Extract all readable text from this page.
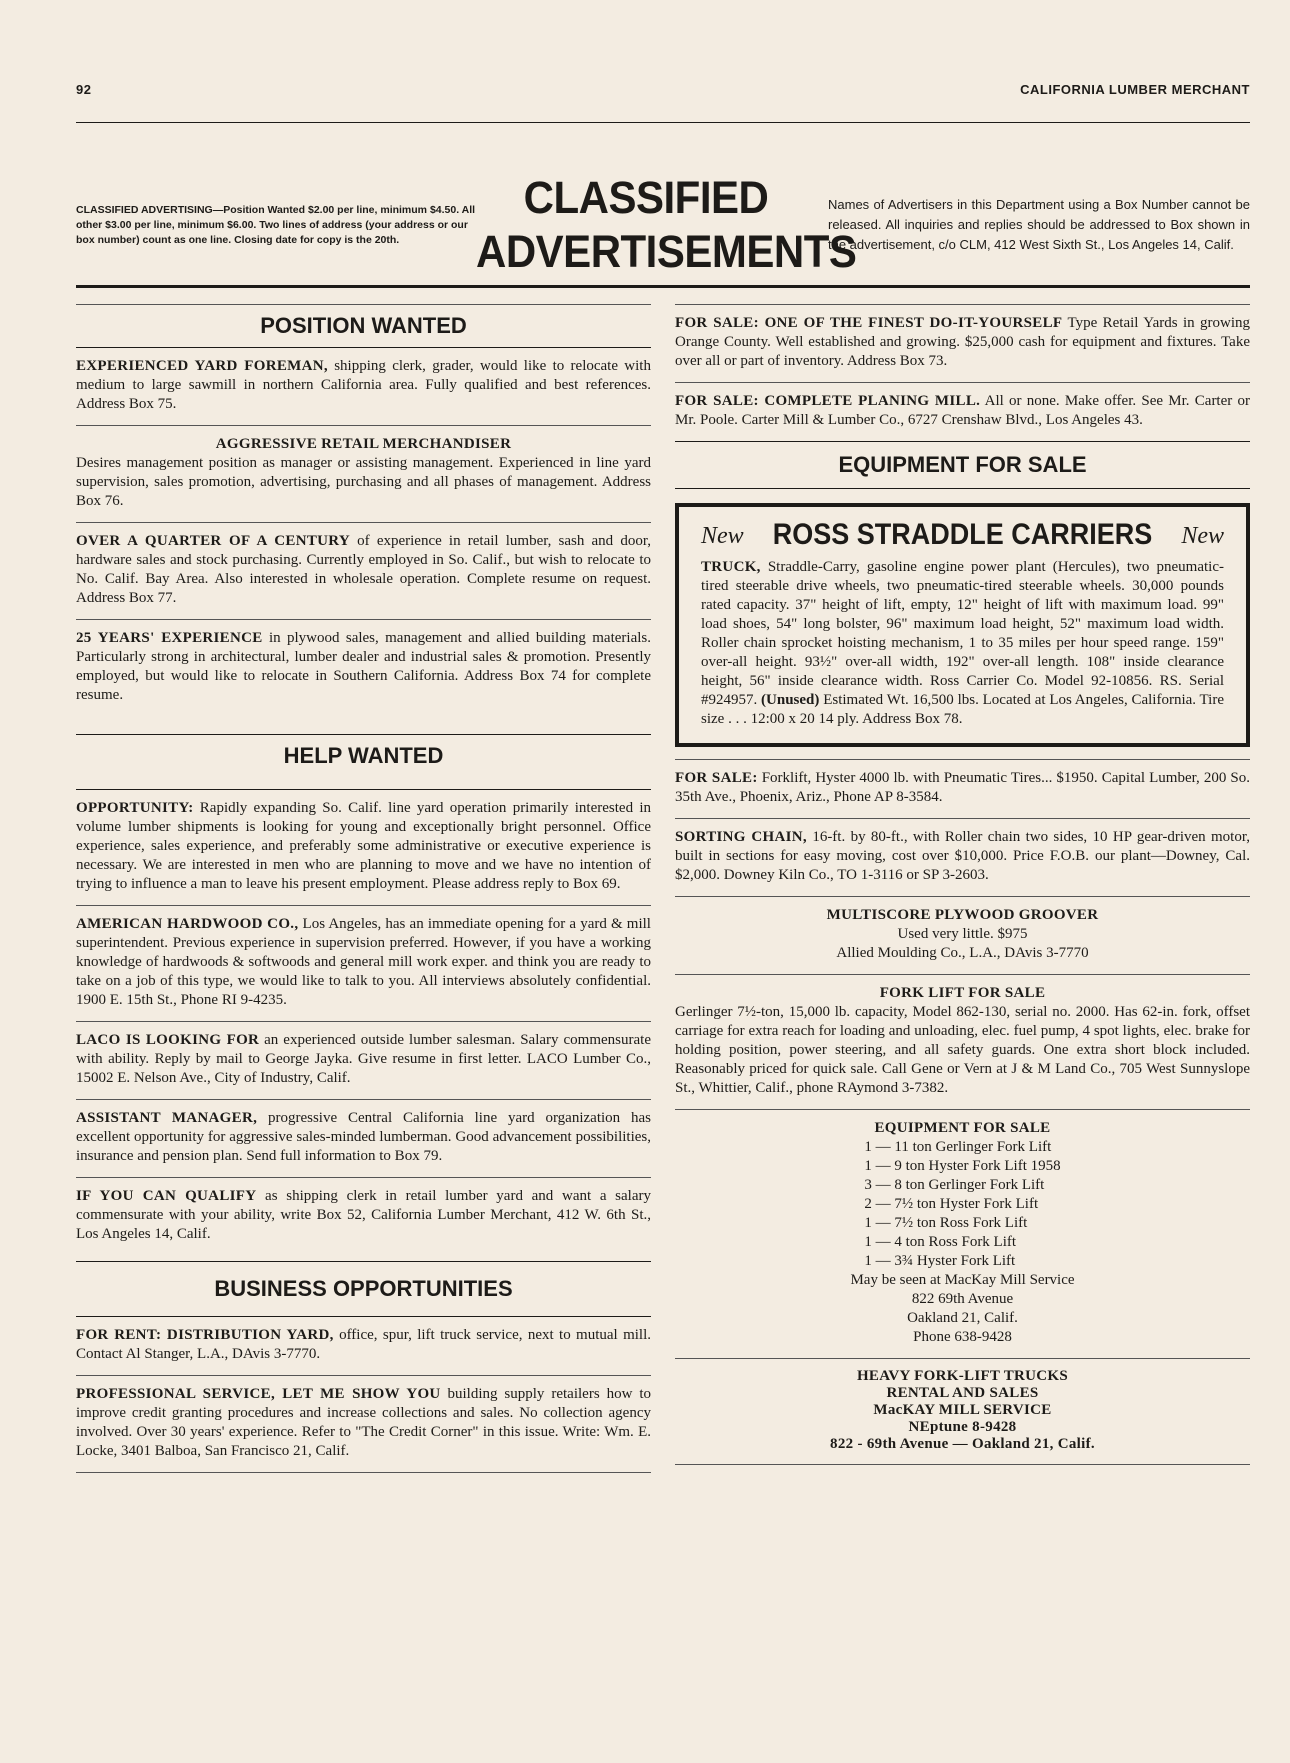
92	CALIFORNIA LUMBER MERCHANT
CLASSIFIED ADVERTISING—Position Wanted $2.00 per line, minimum $4.50. All other $3.00 per line, minimum $6.00. Two lines of address (your address or our box number) count as one line. Closing date for copy is the 20th.
CLASSIFIED
ADVERTISEMENTS
Names of Advertisers in this Department using a Box Number cannot be released. All inquiries and replies should be addressed to Box shown in the advertisement, c/o CLM, 412 West Sixth St., Los Angeles 14, Calif.
POSITION WANTED
EXPERIENCED YARD FOREMAN, shipping clerk, grader, would like to relocate with medium to large sawmill in northern California area. Fully qualified and best references. Address Box 75.
AGGRESSIVE RETAIL MERCHANDISER
Desires management position as manager or assisting management. Experienced in line yard supervision, sales promotion, advertising, purchasing and all phases of management. Address Box 76.
OVER A QUARTER OF A CENTURY of experience in retail lumber, sash and door, hardware sales and stock purchasing. Currently employed in So. Calif., but wish to relocate to No. Calif. Bay Area. Also interested in wholesale operation. Complete resume on request. Address Box 77.
25 YEARS' EXPERIENCE in plywood sales, management and allied building materials. Particularly strong in architectural, lumber dealer and industrial sales & promotion. Presently employed, but would like to relocate in Southern California. Address Box 74 for complete resume.
HELP WANTED
OPPORTUNITY: Rapidly expanding So. Calif. line yard operation primarily interested in volume lumber shipments is looking for young and exceptionally bright personnel. Office experience, sales experience, and preferably some administrative or executive experience is necessary. We are interested in men who are planning to move and we have no intention of trying to influence a man to leave his present employment. Please address reply to Box 69.
AMERICAN HARDWOOD CO., Los Angeles, has an immediate opening for a yard & mill superintendent. Previous experience in supervision preferred. However, if you have a working knowledge of hardwoods & softwoods and general mill work exper. and think you are ready to take on a job of this type, we would like to talk to you. All interviews absolutely confidential. 1900 E. 15th St., Phone RI 9-4235.
LACO IS LOOKING FOR an experienced outside lumber salesman. Salary commensurate with ability. Reply by mail to George Jayka. Give resume in first letter. LACO Lumber Co., 15002 E. Nelson Ave., City of Industry, Calif.
ASSISTANT MANAGER, progressive Central California line yard organization has excellent opportunity for aggressive sales-minded lumberman. Good advancement possibilities, insurance and pension plan. Send full information to Box 79.
IF YOU CAN QUALIFY as shipping clerk in retail lumber yard and want a salary commensurate with your ability, write Box 52, California Lumber Merchant, 412 W. 6th St., Los Angeles 14, Calif.
BUSINESS OPPORTUNITIES
FOR RENT: DISTRIBUTION YARD, office, spur, lift truck service, next to mutual mill. Contact Al Stanger, L.A., DAvis 3-7770.
PROFESSIONAL SERVICE, LET ME SHOW YOU building supply retailers how to improve credit granting procedures and increase collections and sales. No collection agency involved. Over 30 years' experience. Refer to "The Credit Corner" in this issue. Write: Wm. E. Locke, 3401 Balboa, San Francisco 21, Calif.
FOR SALE: ONE OF THE FINEST DO-IT-YOURSELF Type Retail Yards in growing Orange County. Well established and growing. $25,000 cash for equipment and fixtures. Take over all or part of inventory. Address Box 73.
FOR SALE: COMPLETE PLANING MILL. All or none. Make offer. See Mr. Carter or Mr. Poole. Carter Mill & Lumber Co., 6727 Crenshaw Blvd., Los Angeles 43.
EQUIPMENT FOR SALE
New ROSS STRADDLE CARRIERS New
TRUCK, Straddle-Carry, gasoline engine power plant (Hercules), two pneumatic-tired steerable drive wheels, two pneumatic-tired steerable wheels. 30,000 pounds rated capacity. 37" height of lift, empty, 12" height of lift with maximum load. 99" load shoes, 54" long bolster, 96" maximum load height, 52" maximum load width. Roller chain sprocket hoisting mechanism, 1 to 35 miles per hour speed range. 159" over-all height. 93½" over-all width, 192" over-all length. 108" inside clearance height, 56" inside clearance width. Ross Carrier Co. Model 92-10856. RS. Serial #924957. (Unused) Estimated Wt. 16,500 lbs. Located at Los Angeles, California. Tire size . . . 12:00 x 20 14 ply. Address Box 78.
FOR SALE: Forklift, Hyster 4000 lb. with Pneumatic Tires... $1950. Capital Lumber, 200 So. 35th Ave., Phoenix, Ariz., Phone AP 8-3584.
SORTING CHAIN, 16-ft. by 80-ft., with Roller chain two sides, 10 HP gear-driven motor, built in sections for easy moving, cost over $10,000. Price F.O.B. our plant—Downey, Cal. $2,000. Downey Kiln Co., TO 1-3116 or SP 3-2603.
MULTISCORE PLYWOOD GROOVER
Used very little. $975
Allied Moulding Co., L.A., DAvis 3-7770
FORK LIFT FOR SALE
Gerlinger 7½-ton, 15,000 lb. capacity, Model 862-130, serial no. 2000. Has 62-in. fork, offset carriage for extra reach for loading and unloading, elec. fuel pump, 4 spot lights, elec. brake for holding position, power steering, and all safety guards. One extra short block included. Reasonably priced for quick sale. Call Gene or Vern at J & M Land Co., 705 West Sunnyslope St., Whittier, Calif., phone RAymond 3-7382.
EQUIPMENT FOR SALE
1 — 11 ton Gerlinger Fork Lift
1 — 9 ton Hyster Fork Lift 1958
3 — 8 ton Gerlinger Fork Lift
2 — 7½ ton Hyster Fork Lift
1 — 7½ ton Ross Fork Lift
1 — 4 ton Ross Fork Lift
1 — 3¾ Hyster Fork Lift
May be seen at MacKay Mill Service
822 69th Avenue
Oakland 21, Calif.
Phone 638-9428
HEAVY FORK-LIFT TRUCKS
RENTAL AND SALES
MacKAY MILL SERVICE
NEptune 8-9428
822 - 69th Avenue — Oakland 21, Calif.
